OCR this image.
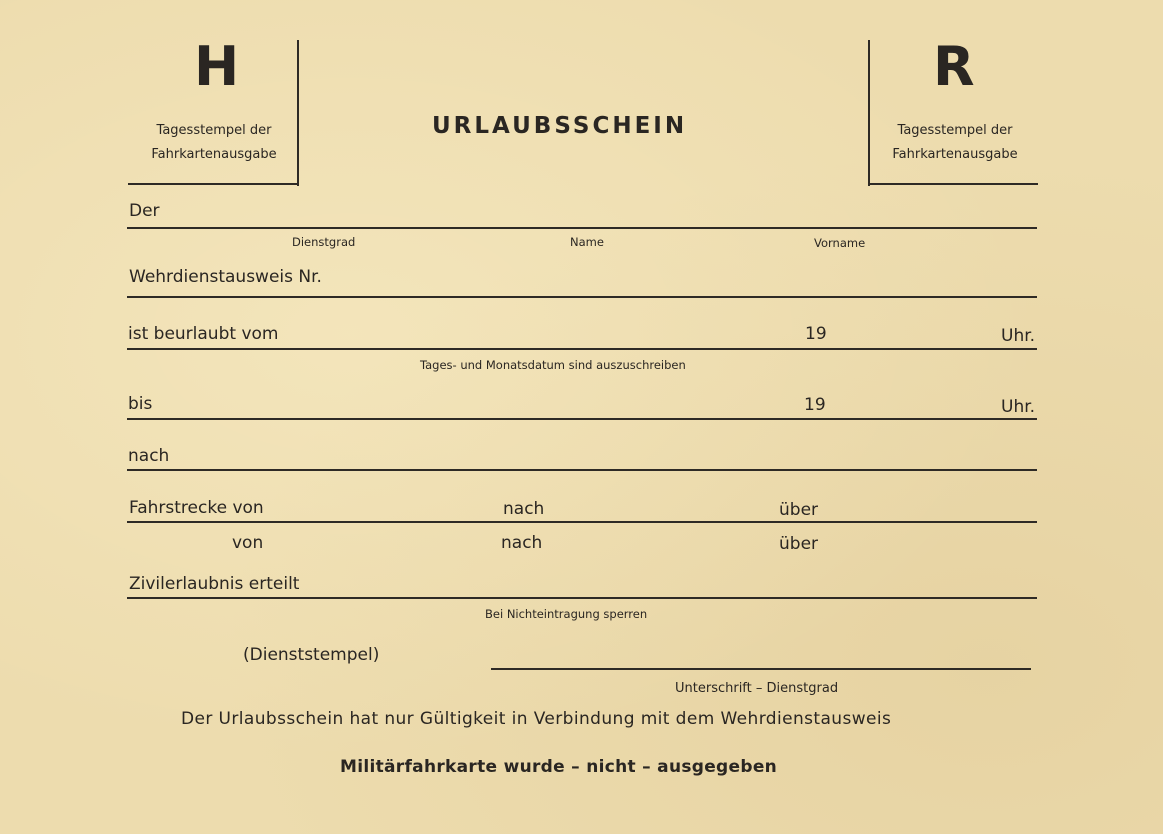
H
Tagesstempel der
Fahrkartenausgabe
URLAUBSSCHEIN
R
Tagesstempel der
Fahrkartenausgabe
Der
Dienstgrad	Name	Vorname
Wehrdienstausweis Nr.
ist beurlaubt vom	19	Uhr.
Tages- und Monatsdatum sind auszuschreiben
bis	19	Uhr.
nach
Fahrstrecke von	nach	über
von	nach	über
Zivilerlaubnis erteilt
Bei Nichteintragung sperren
(Dienststempel)
Unterschrift – Dienstgrad
Der Urlaubsschein hat nur Gültigkeit in Verbindung mit dem Wehrdienstausweis
Militärfahrkarte wurde – nicht – ausgegeben
